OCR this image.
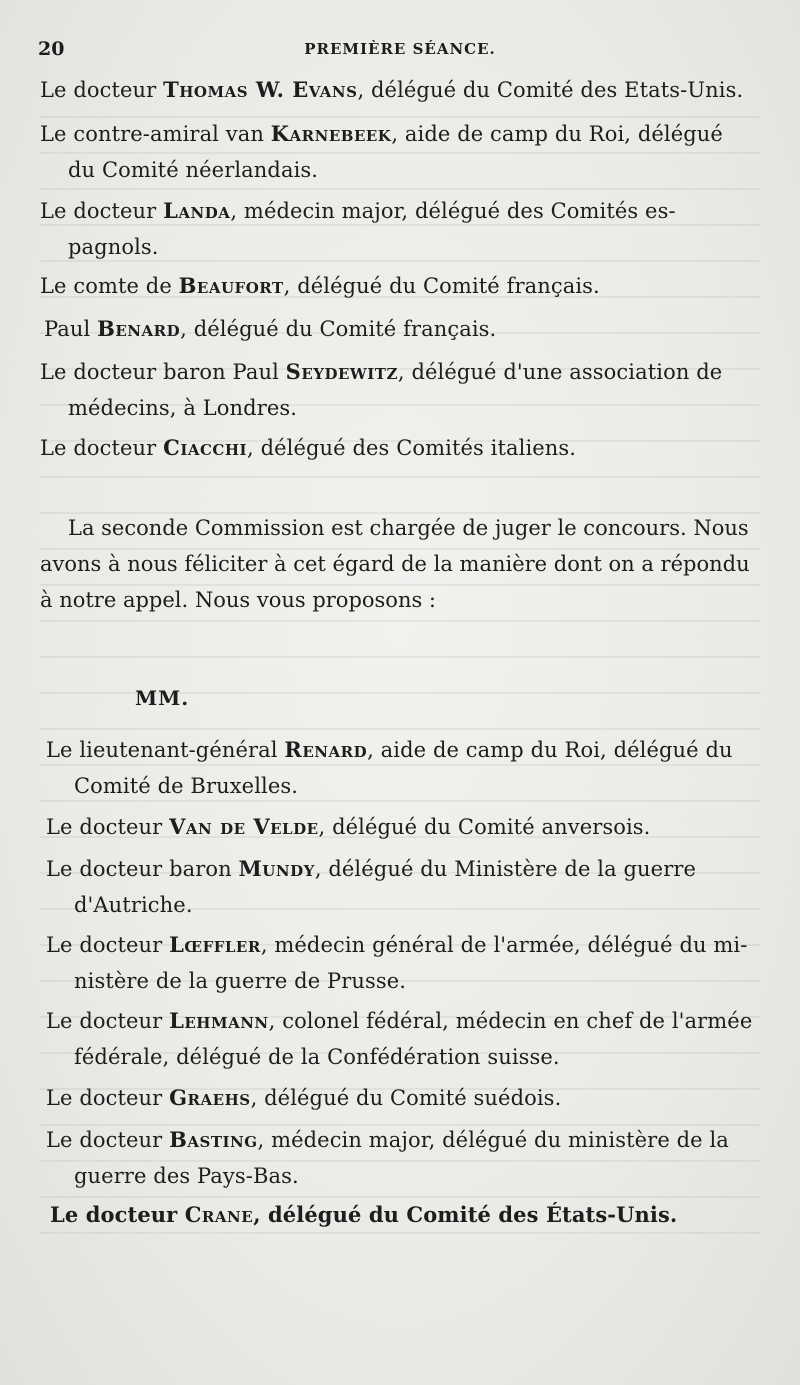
20	PREMIÈRE SÉANCE.
Le docteur Thomas W. Evans, délégué du Comité des Etats-Unis.
Le contre-amiral van Karnebeek, aide de camp du Roi, délégué
du Comité néerlandais.
Le docteur Landa, médecin major, délégué des Comités es-
pagnols.
Le comte de Beaufort, délégué du Comité français.
Paul Benard, délégué du Comité français.
Le docteur baron Paul Seydewitz, délégué d'une association de
médecins, à Londres.
Le docteur Ciacchi, délégué des Comités italiens.
La seconde Commission est chargée de juger le concours. Nous avons à nous féliciter à cet égard de la manière dont on a répondu à notre appel. Nous vous proposons :
MM.
Le lieutenant-général Renard, aide de camp du Roi, délégué du
Comité de Bruxelles.
Le docteur Van de Velde, délégué du Comité anversois.
Le docteur baron Mundy, délégué du Ministère de la guerre
d'Autriche.
Le docteur Lœffler, médecin général de l'armée, délégué du mi-
nistère de la guerre de Prusse.
Le docteur Lehmann, colonel fédéral, médecin en chef de l'armée
fédérale, délégué de la Confédération suisse.
Le docteur Graehs, délégué du Comité suédois.
Le docteur Basting, médecin major, délégué du ministère de la
guerre des Pays-Bas.
Le docteur Crane, délégué du Comité des États-Unis.
